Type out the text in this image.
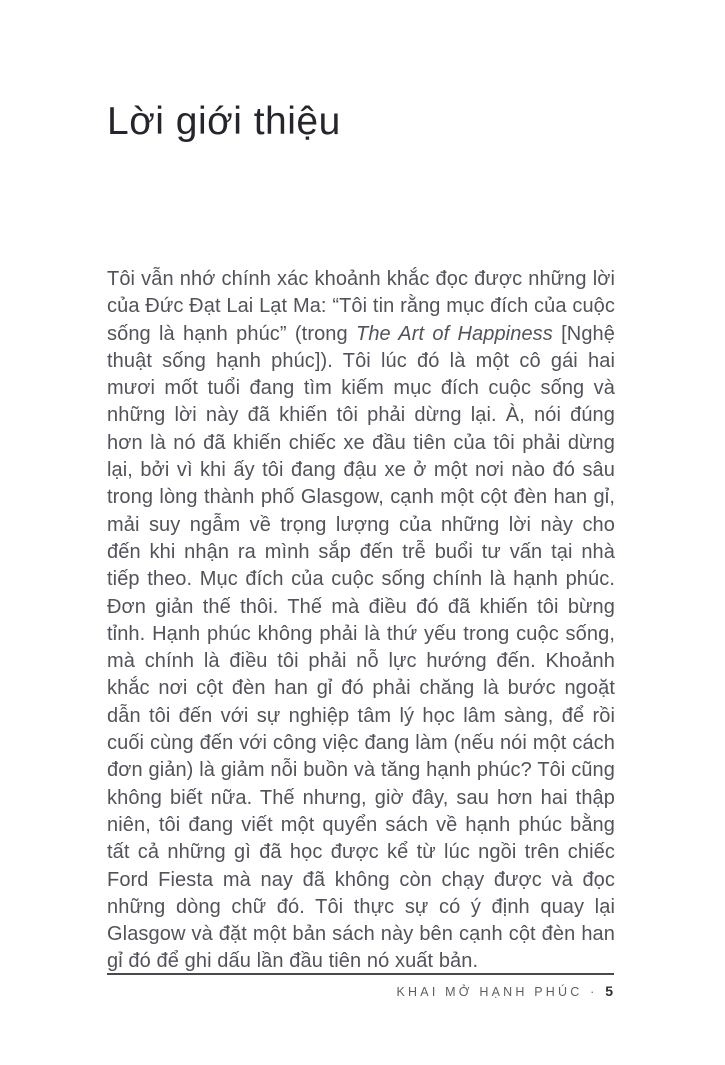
Lời giới thiệu

Tôi vẫn nhớ chính xác khoảnh khắc đọc được những lời của Đức Đạt Lai Lạt Ma: “Tôi tin rằng mục đích của cuộc sống là hạnh phúc” (trong The Art of Happiness [Nghệ thuật sống hạnh phúc]). Tôi lúc đó là một cô gái hai mươi mốt tuổi đang tìm kiếm mục đích cuộc sống và những lời này đã khiến tôi phải dừng lại. À, nói đúng hơn là nó đã khiến chiếc xe đầu tiên của tôi phải dừng lại, bởi vì khi ấy tôi đang đậu xe ở một nơi nào đó sâu trong lòng thành phố Glasgow, cạnh một cột đèn han gỉ, mải suy ngẫm về trọng lượng của những lời này cho đến khi nhận ra mình sắp đến trễ buổi tư vấn tại nhà tiếp theo. Mục đích của cuộc sống chính là hạnh phúc. Đơn giản thế thôi. Thế mà điều đó đã khiến tôi bừng tỉnh. Hạnh phúc không phải là thứ yếu trong cuộc sống, mà chính là điều tôi phải nỗ lực hướng đến. Khoảnh khắc nơi cột đèn han gỉ đó phải chăng là bước ngoặt dẫn tôi đến với sự nghiệp tâm lý học lâm sàng, để rồi cuối cùng đến với công việc đang làm (nếu nói một cách đơn giản) là giảm nỗi buồn và tăng hạnh phúc? Tôi cũng không biết nữa. Thế nhưng, giờ đây, sau hơn hai thập niên, tôi đang viết một quyển sách về hạnh phúc bằng tất cả những gì đã học được kể từ lúc ngồi trên chiếc Ford Fiesta mà nay đã không còn chạy được và đọc những dòng chữ đó. Tôi thực sự có ý định quay lại Glasgow và đặt một bản sách này bên cạnh cột đèn han gỉ đó để ghi dấu lần đầu tiên nó xuất bản.

KHAI MỞ HẠNH PHÚC · 5
